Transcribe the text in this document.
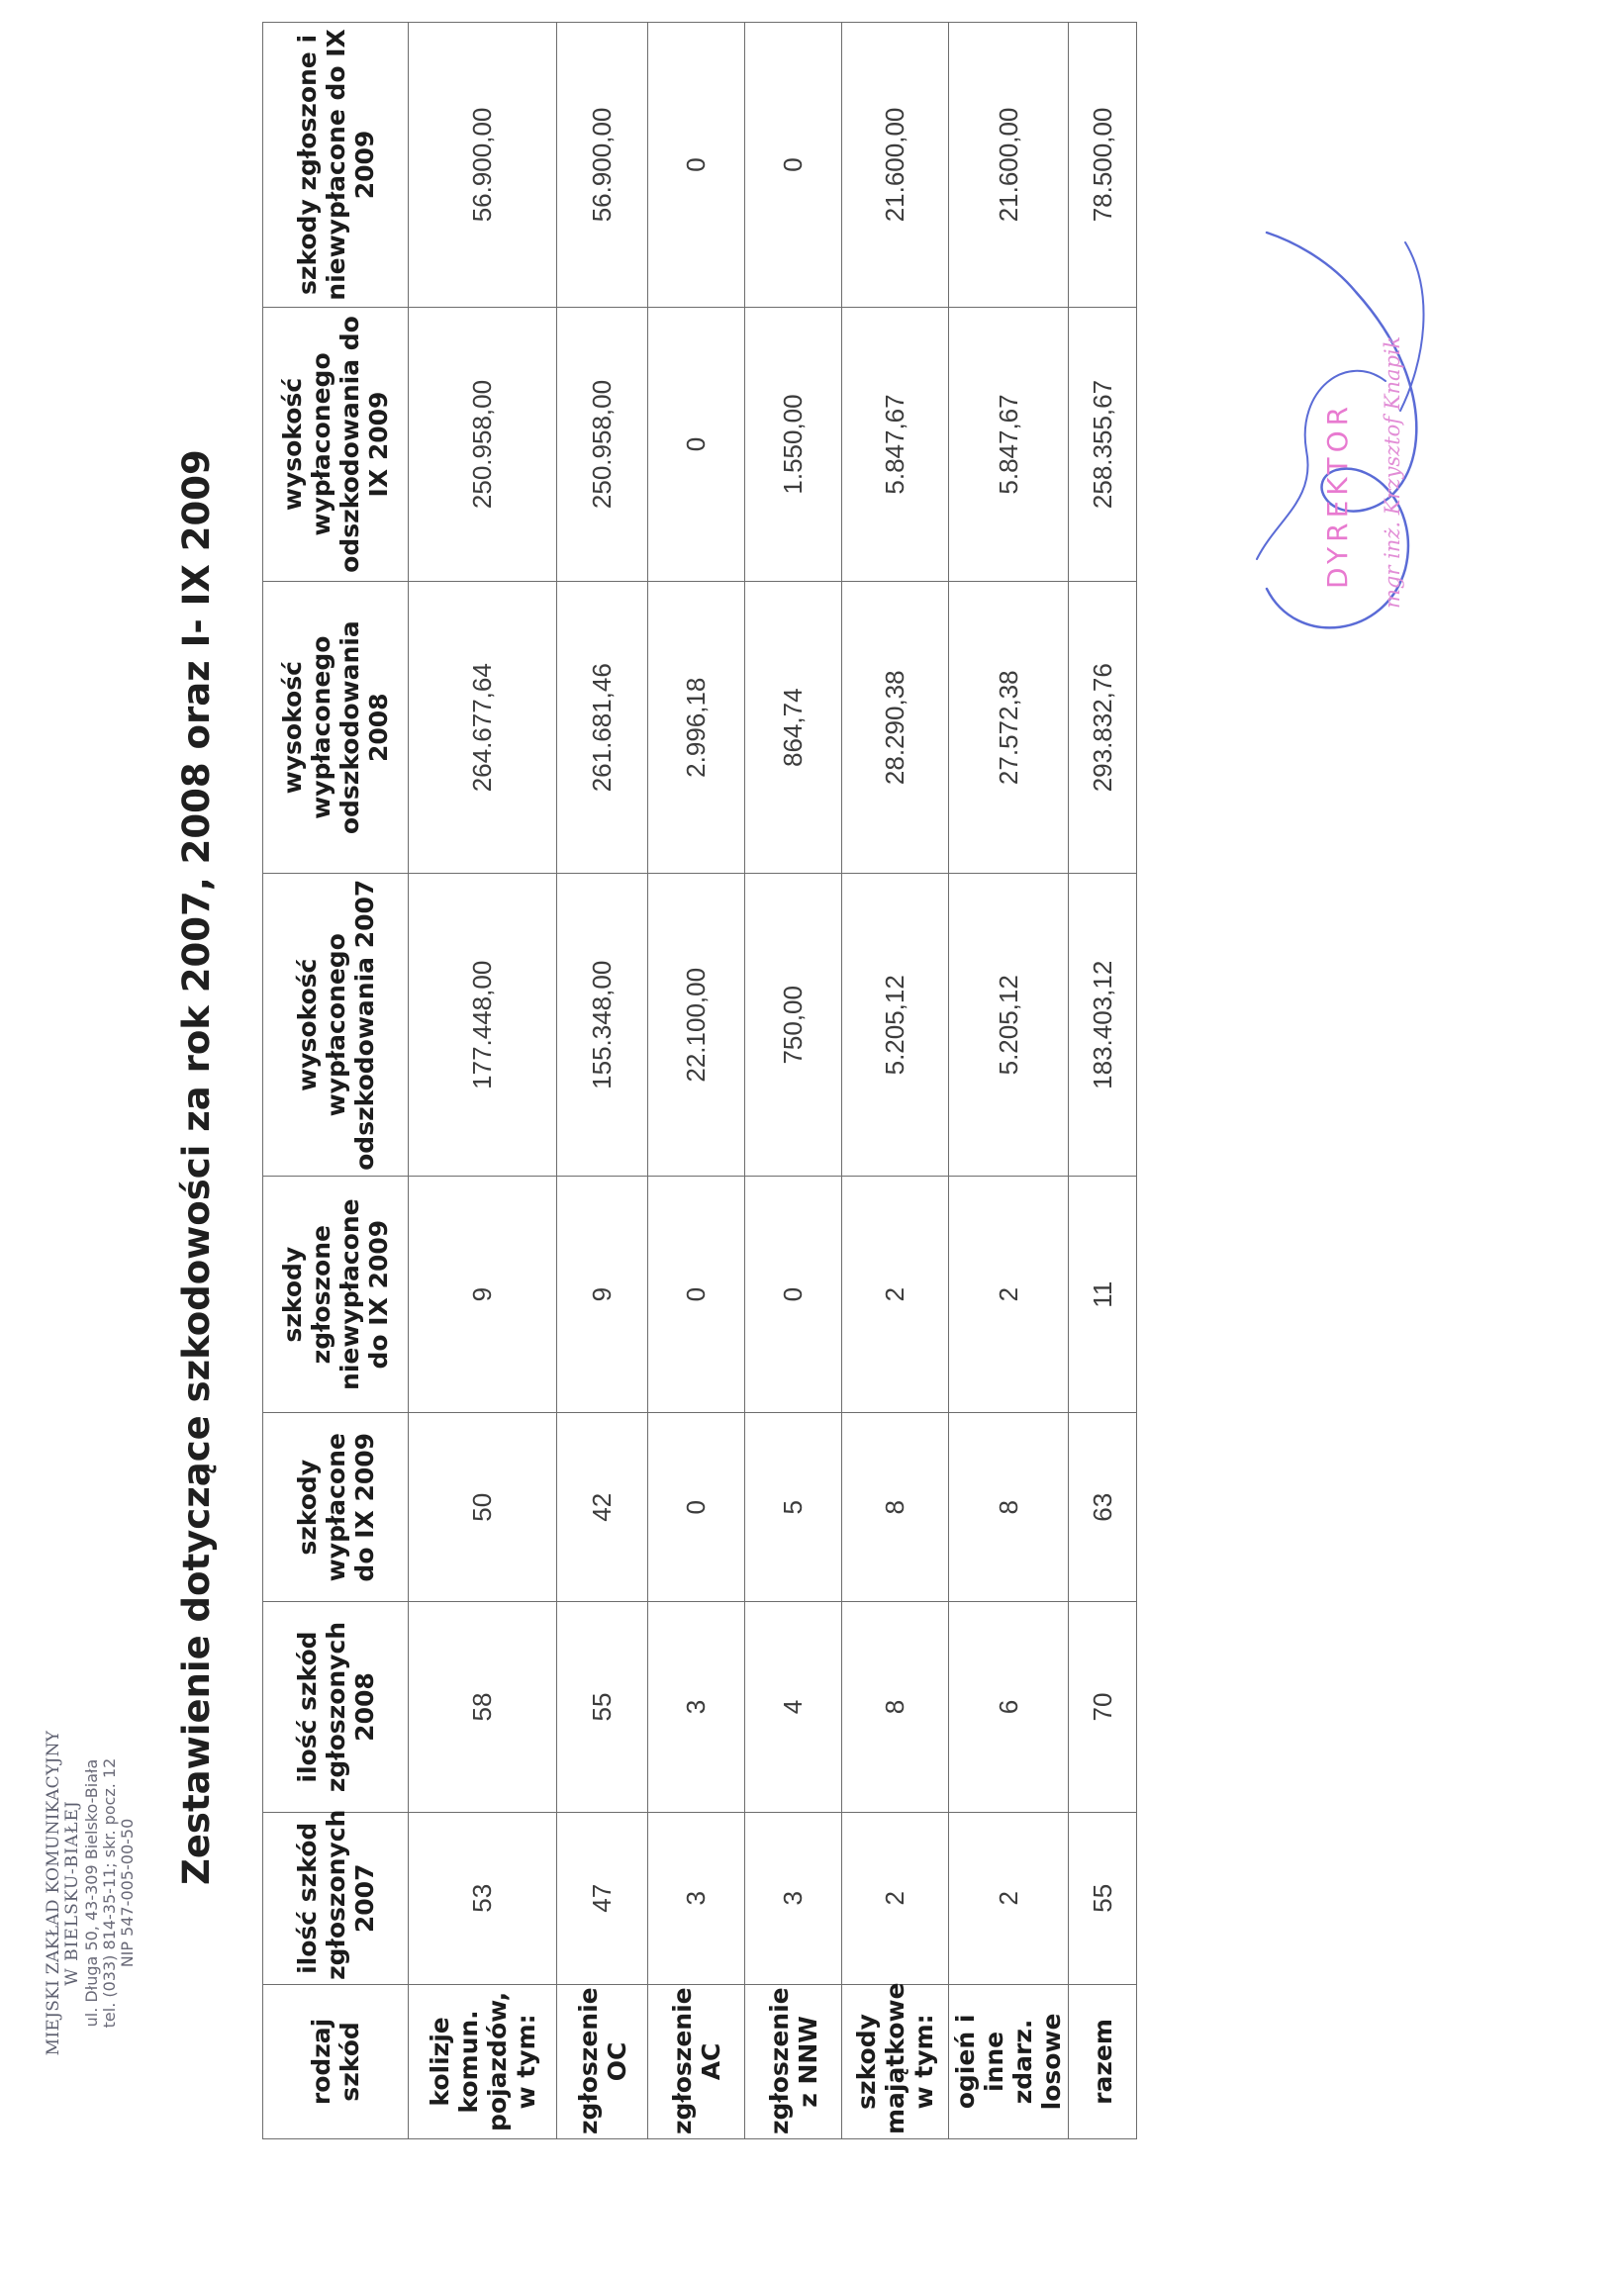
MIEJSKI ZAKŁAD KOMUNIKACYJNY W BIELSKU-BIAŁEJ ul. Długa 50, 43-309 Bielsko-Biała tel. (033) 814-35-11; skr. pocz. 12 NIP 547-005-00-50
Zestawienie dotyczące szkodowości za rok 2007, 2008 oraz I- IX 2009
rodzaj szkód	ilość szkód zgłoszonych 2007	ilość szkód zgłoszonych 2008	szkody wypłacone do IX 2009	szkody zgłoszone niewypłacone do IX 2009	wysokość wypłaconego odszkodowania 2007	wysokość wypłaconego odszkodowania 2008	wysokość wypłaconego odszkodowania do IX 2009	szkody zgłoszone i niewypłacone do IX 2009
kolizje komun. pojazdów, w tym:	53	58	50	9	177.448,00	264.677,64	250.958,00	56.900,00
zgłoszenie OC	47	55	42	9	155.348,00	261.681,46	250.958,00	56.900,00
zgłoszenie AC	3	3	0	0	22.100,00	2.996,18	0	0
zgłoszenie z NNW	3	4	5	0	750,00	864,74	1.550,00	0
szkody majątkowe w tym:	2	8	8	2	5.205,12	28.290,38	5.847,67	21.600,00
ogień i inne zdarz. losowe	2	6	8	2	5.205,12	27.572,38	5.847,67	21.600,00
razem	55	70	63	11	183.403,12	293.832,76	258.355,67	78.500,00
DYREKTOR mgr inż. Krzysztof Knapik
